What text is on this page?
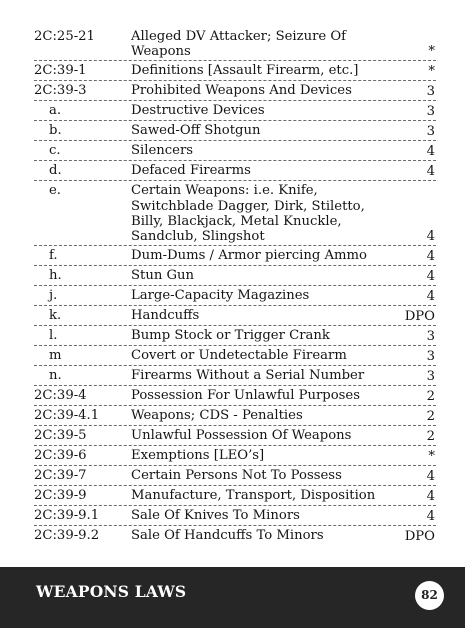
2C:25-21	Alleged DV Attacker; Seizure Of Weapons	*
2C:39-1	Definitions [Assault Firearm, etc.]	*
2C:39-3	Prohibited Weapons And Devices	3
a.	Destructive Devices	3
b.	Sawed-Off Shotgun	3
c.	Silencers	4
d.	Defaced Firearms	4
e.	Certain Weapons: i.e. Knife, Switchblade Dagger, Dirk, Stiletto, Billy, Blackjack, Metal Knuckle, Sandclub, Slingshot	4
f.	Dum-Dums / Armor piercing Ammo	4
h.	Stun Gun	4
j.	Large-Capacity Magazines	4
k.	Handcuffs	DPO
l.	Bump Stock or Trigger Crank	3
m	Covert or Undetectable Firearm	3
n.	Firearms Without a Serial Number	3
2C:39-4	Possession For Unlawful Purposes	2
2C:39-4.1	Weapons; CDS - Penalties	2
2C:39-5	Unlawful Possession Of Weapons	2
2C:39-6	Exemptions [LEO’s]	*
2C:39-7	Certain Persons Not To Possess	4
2C:39-9	Manufacture, Transport, Disposition	4
2C:39-9.1	Sale Of Knives To Minors	4
2C:39-9.2	Sale Of Handcuffs To Minors	DPO
WEAPONS LAWS	82
